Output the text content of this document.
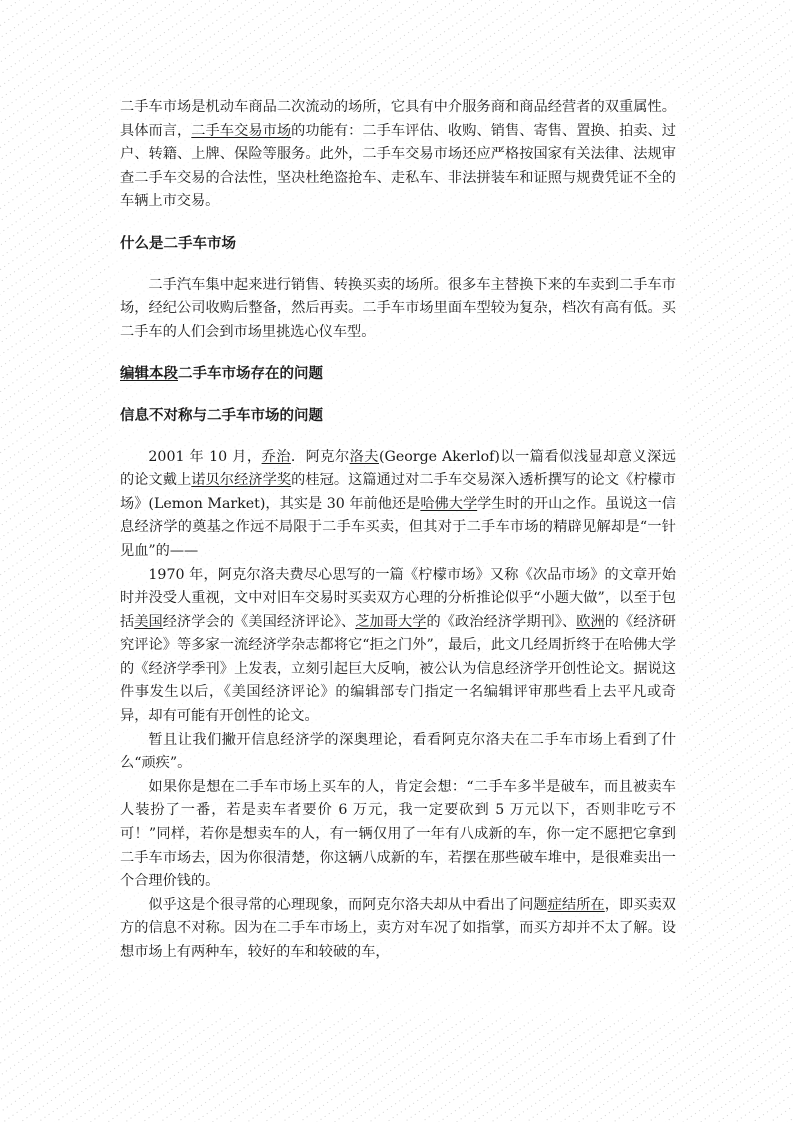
二手车市场是机动车商品二次流动的场所，它具有中介服务商和商品经营者的双重属性。具体而言，二手车交易市场的功能有：二手车评估、收购、销售、寄售、置换、拍卖、过户、转籍、上牌、保险等服务。此外，二手车交易市场还应严格按国家有关法律、法规审查二手车交易的合法性，坚决杜绝盗抢车、走私车、非法拼装车和证照与规费凭证不全的车辆上市交易。

什么是二手车市场

二手汽车集中起来进行销售、转换买卖的场所。很多车主替换下来的车卖到二手车市场，经纪公司收购后整备，然后再卖。二手车市场里面车型较为复杂，档次有高有低。买二手车的人们会到市场里挑选心仪车型。

编辑本段二手车市场存在的问题

信息不对称与二手车市场的问题

2001 年 10 月，乔治．阿克尔洛夫(George Akerlof)以一篇看似浅显却意义深远的论文戴上诺贝尔经济学奖的桂冠。这篇通过对二手车交易深入透析撰写的论文《柠檬市场》(Lemon Market)，其实是 30 年前他还是哈佛大学学生时的开山之作。虽说这一信息经济学的奠基之作远不局限于二手车买卖，但其对于二手车市场的精辟见解却是“一针见血”的——

1970 年，阿克尔洛夫费尽心思写的一篇《柠檬市场》又称《次品市场》的文章开始时并没受人重视，文中对旧车交易时买卖双方心理的分析推论似乎“小题大做”，以至于包括美国经济学会的《美国经济评论》、芝加哥大学的《政治经济学期刊》、欧洲的《经济研究评论》等多家一流经济学杂志都将它“拒之门外”，最后，此文几经周折终于在哈佛大学的《经济学季刊》上发表，立刻引起巨大反响，被公认为信息经济学开创性论文。据说这件事发生以后，《美国经济评论》的编辑部专门指定一名编辑评审那些看上去平凡或奇异，却有可能有开创性的论文。

暂且让我们撇开信息经济学的深奥理论，看看阿克尔洛夫在二手车市场上看到了什么“顽疾”。

如果你是想在二手车市场上买车的人，肯定会想：“二手车多半是破车，而且被卖车人装扮了一番，若是卖车者要价 6 万元，我一定要砍到 5 万元以下，否则非吃亏不可！”同样，若你是想卖车的人，有一辆仅用了一年有八成新的车，你一定不愿把它拿到二手车市场去，因为你很清楚，你这辆八成新的车，若摆在那些破车堆中，是很难卖出一个合理价钱的。

似乎这是个很寻常的心理现象，而阿克尔洛夫却从中看出了问题症结所在，即买卖双方的信息不对称。因为在二手车市场上，卖方对车况了如指掌，而买方却并不太了解。设想市场上有两种车，较好的车和较破的车，
